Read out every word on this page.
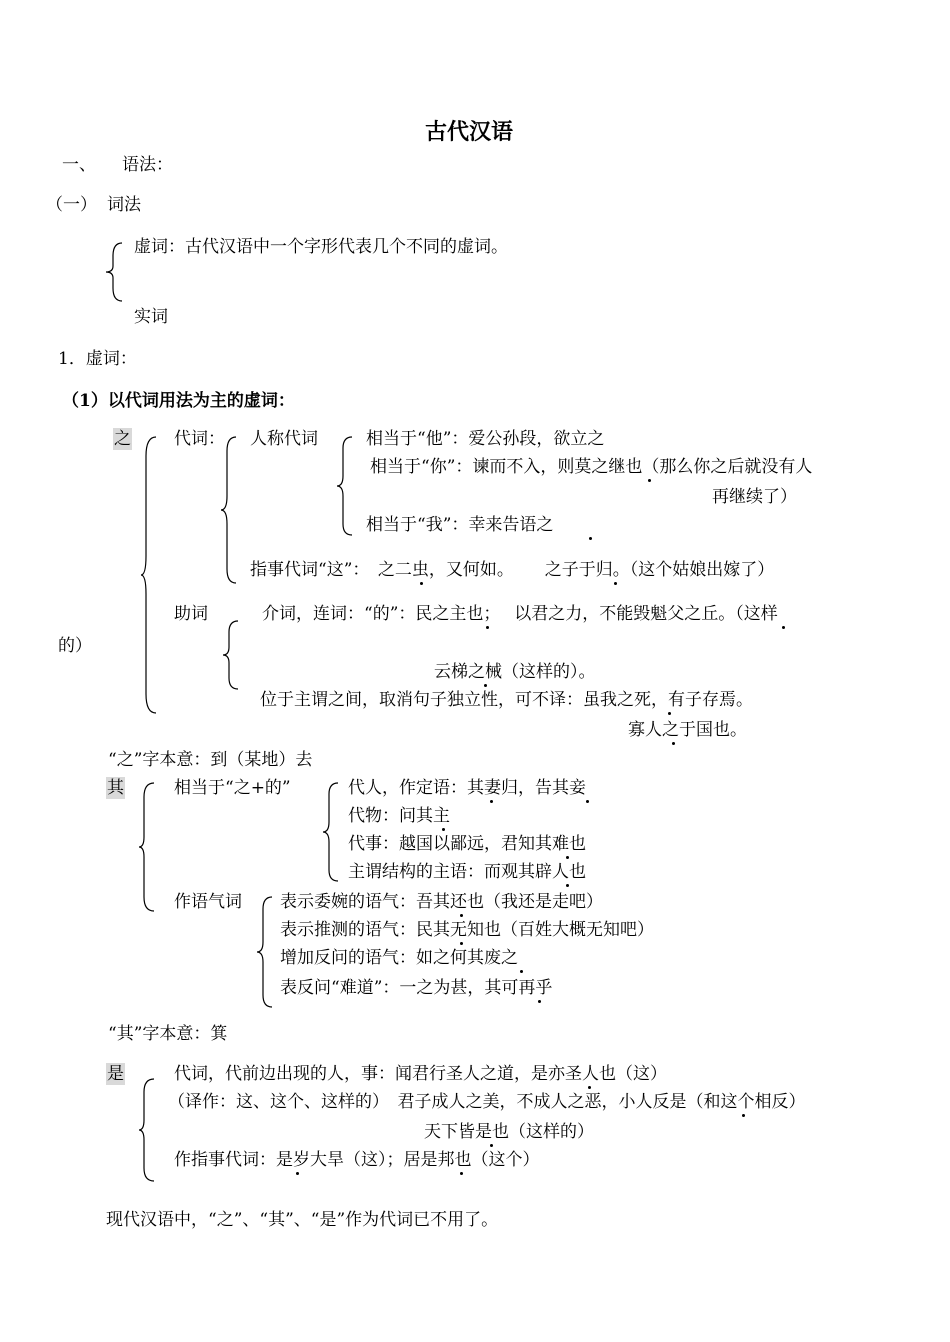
古代汉语
一、 语法：
（一） 词法
虚词：古代汉语中一个字形代表几个不同的虚词。
实词
1．虚词：
（1）以代词用法为主的虚词：
之	代词： 人称代词	相当于“他”：爱公孙段，欲立之
相当于“你”：谏而不入，则莫之继也（那么你之后就没有人
再继续了）
相当于“我”：幸来告语之
指事代词“这”：　之二虫，又何如。　　 之子于归。（这个姑娘出嫁了）
助词	介词，连词：“的”：民之主也；　 以君之力，不能毁魁父之丘。（这样
的）
云梯之械（这样的）。
位于主谓之间，取消句子独立性，可不译：虽我之死，有子存焉。
寡人之于国也。
“之”字本意：到（某地）去
其	相当于“之+的”	代人，作定语：其妻归，告其妾
代物：问其主
代事：越国以鄙远，君知其难也
主谓结构的主语：而观其辟人也
作语气词 表示委婉的语气：吾其还也（我还是走吧）
表示推测的语气：民其无知也（百姓大概无知吧）
增加反问的语气：如之何其废之
表反问“难道”：一之为甚，其可再乎
“其”字本意：箕
是	代词，代前边出现的人，事：闻君行圣人之道，是亦圣人也（这）
（译作：这、这个、这样的）　君子成人之美，不成人之恶，小人反是（和这个相反）
天下皆是也（这样的）
作指事代词：是岁大旱（这）；居是邦也（这个）
现代汉语中，“之”、“其”、“是”作为代词已不用了。
